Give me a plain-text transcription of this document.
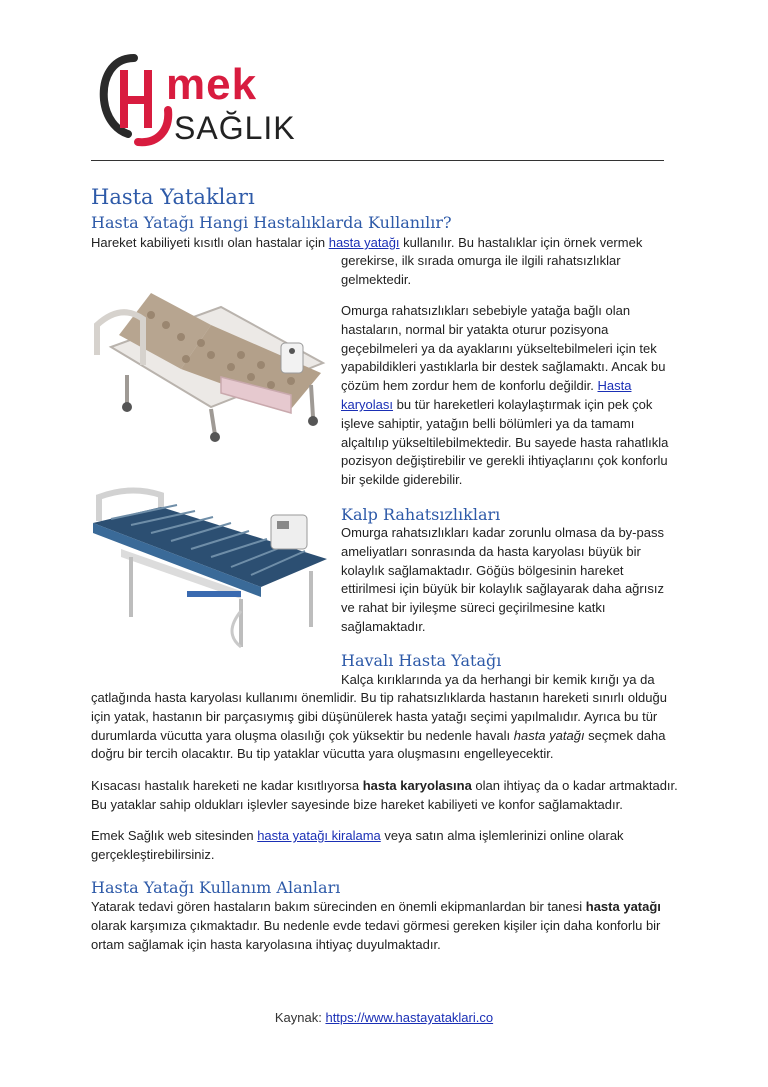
mek
SAĞLIK
Hasta Yatakları
Hasta Yatağı Hangi Hastalıklarda Kullanılır?
Hareket kabiliyeti kısıtlı olan hastalar için hasta yatağı kullanılır. Bu hastalıklar için örnek vermek
gerekirse, ilk sırada omurga ile ilgili rahatsızlıklar gelmektedir.
Omurga rahatsızlıkları sebebiyle yatağa bağlı olan hastaların, normal bir yatakta oturur pozisyona geçebilmeleri ya da ayaklarını yükseltebilmeleri için tek yapabildikleri yastıklarla bir destek sağlamaktı. Ancak bu çözüm hem zordur hem de konforlu değildir. Hasta karyolası bu tür hareketleri kolaylaştırmak için pek çok işleve sahiptir, yatağın belli bölümleri ya da tamamı alçaltılıp yükseltilebilmektedir. Bu sayede hasta rahatlıkla pozisyon değiştirebilir ve gerekli ihtiyaçlarını çok konforlu bir şekilde giderebilir.
Kalp Rahatsızlıkları
Omurga rahatsızlıkları kadar zorunlu olmasa da by-pass ameliyatları sonrasında da hasta karyolası büyük bir kolaylık sağlamaktadır. Göğüs bölgesinin hareket ettirilmesi için büyük bir kolaylık sağlayarak daha ağrısız ve rahat bir iyileşme süreci geçirilmesine katkı sağlamaktadır.
Havalı Hasta Yatağı
Kalça kırıklarında ya da herhangi bir kemik kırığı ya da
çatlağında hasta karyolası kullanımı önemlidir. Bu tip rahatsızlıklarda hastanın hareketi sınırlı olduğu için yatak, hastanın bir parçasıymış gibi düşünülerek hasta yatağı seçimi yapılmalıdır. Ayrıca bu tür durumlarda vücutta yara oluşma olasılığı çok yüksektir bu nedenle havalı hasta yatağı seçmek daha doğru bir tercih olacaktır. Bu tip yataklar vücutta yara oluşmasını engelleyecektir.
Kısacası hastalık hareketi ne kadar kısıtlıyorsa hasta karyolasına olan ihtiyaç da o kadar artmaktadır. Bu yataklar sahip oldukları işlevler sayesinde bize hareket kabiliyeti ve konfor sağlamaktadır.
Emek Sağlık web sitesinden hasta yatağı kiralama veya satın alma işlemlerinizi online olarak gerçekleştirebilirsiniz.
Hasta Yatağı Kullanım Alanları
Yatarak tedavi gören hastaların bakım sürecinden en önemli ekipmanlardan bir tanesi hasta yatağı olarak karşımıza çıkmaktadır. Bu nedenle evde tedavi görmesi gereken kişiler için daha konforlu bir ortam sağlamak için hasta karyolasına ihtiyaç duyulmaktadır.
Kaynak: https://www.hastayataklari.co
